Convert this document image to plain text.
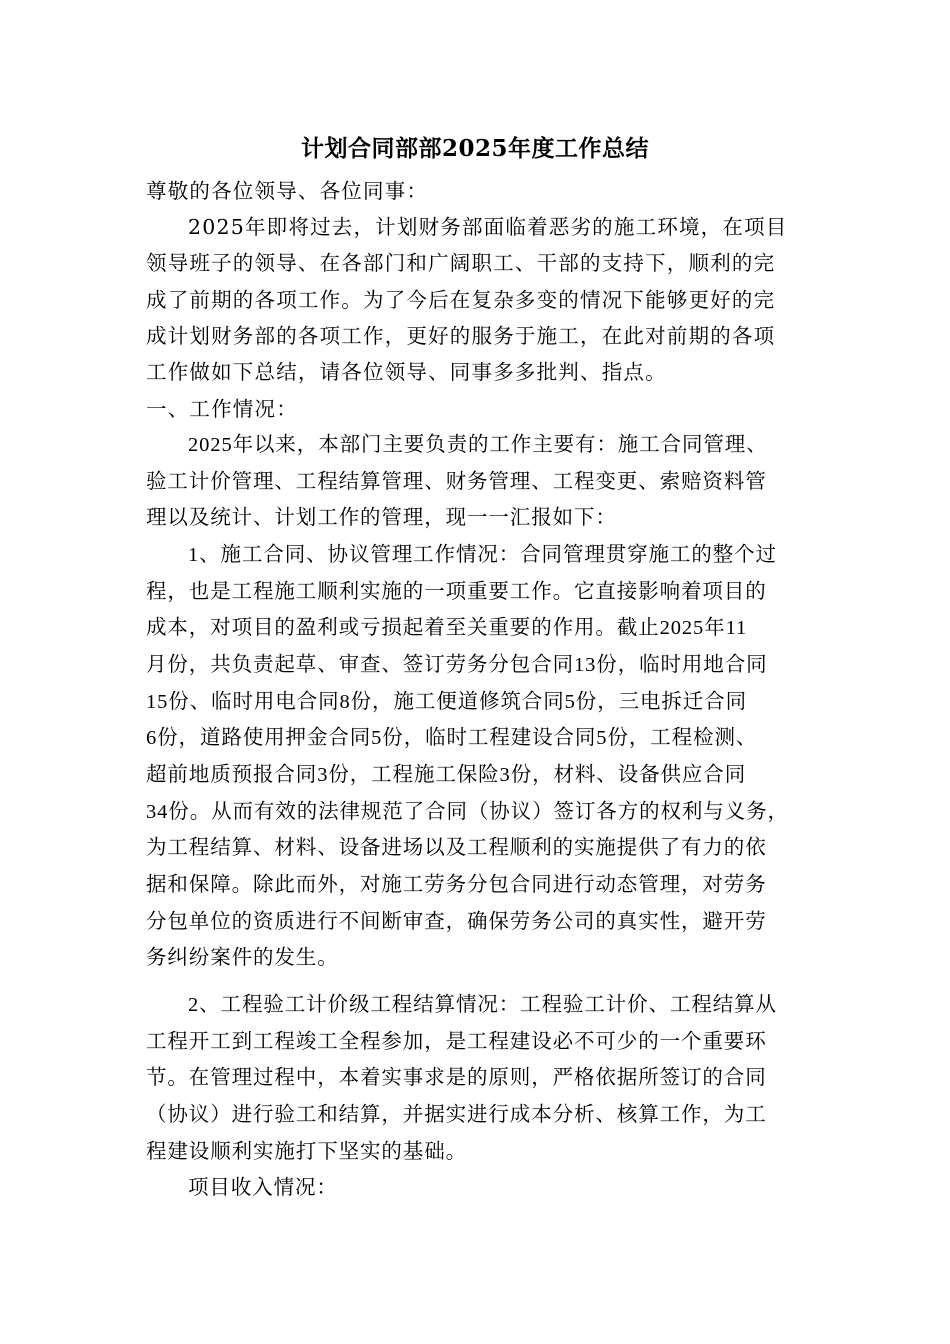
计划合同部部2025年度工作总结
尊敬的各位领导、各位同事：
2025年即将过去，计划财务部面临着恶劣的施工环境，在项目
领导班子的领导、在各部门和广阔职工、干部的支持下，顺利的完
成了前期的各项工作。为了今后在复杂多变的情况下能够更好的完
成计划财务部的各项工作，更好的服务于施工，在此对前期的各项
工作做如下总结，请各位领导、同事多多批判、指点。
一、工作情况：
2025年以来，本部门主要负责的工作主要有：施工合同管理、
验工计价管理、工程结算管理、财务管理、工程变更、索赔资料管
理以及统计、计划工作的管理，现一一汇报如下：
1、施工合同、协议管理工作情况：合同管理贯穿施工的整个过
程，也是工程施工顺利实施的一项重要工作。它直接影响着项目的
成本，对项目的盈利或亏损起着至关重要的作用。截止2025年11
月份，共负责起草、审查、签订劳务分包合同13份，临时用地合同
15份、临时用电合同8份，施工便道修筑合同5份，三电拆迁合同
6份，道路使用押金合同5份，临时工程建设合同5份，工程检测、
超前地质预报合同3份，工程施工保险3份，材料、设备供应合同
34份。从而有效的法律规范了合同（协议）签订各方的权利与义务，
为工程结算、材料、设备进场以及工程顺利的实施提供了有力的依
据和保障。除此而外，对施工劳务分包合同进行动态管理，对劳务
分包单位的资质进行不间断审查，确保劳务公司的真实性，避开劳
务纠纷案件的发生。
2、工程验工计价级工程结算情况：工程验工计价、工程结算从
工程开工到工程竣工全程参加，是工程建设必不可少的一个重要环
节。在管理过程中，本着实事求是的原则，严格依据所签订的合同
（协议）进行验工和结算，并据实进行成本分析、核算工作，为工
程建设顺利实施打下坚实的基础。
项目收入情况：
